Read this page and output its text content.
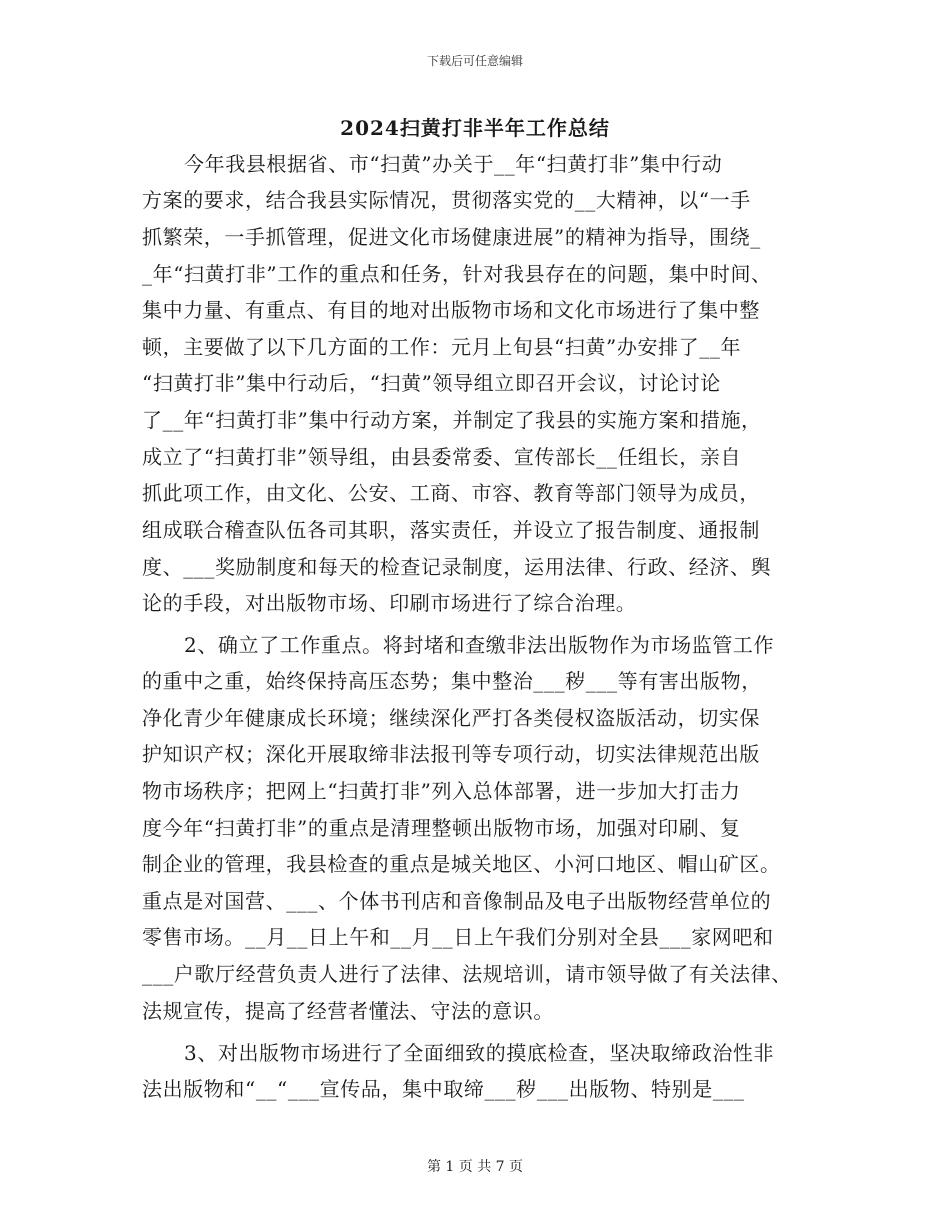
下载后可任意编辑
2024扫黄打非半年工作总结
今年我县根据省、市“扫黄”办关于__年“扫黄打非”集中行动
方案的要求，结合我县实际情况，贯彻落实党的__大精神，以“一手
抓繁荣，一手抓管理，促进文化市场健康进展”的精神为指导，围绕_
_年“扫黄打非”工作的重点和任务，针对我县存在的问题，集中时间、
集中力量、有重点、有目的地对出版物市场和文化市场进行了集中整
顿，主要做了以下几方面的工作：元月上旬县“扫黄”办安排了__年
“扫黄打非”集中行动后，“扫黄”领导组立即召开会议，讨论讨论
了__年“扫黄打非”集中行动方案，并制定了我县的实施方案和措施，
成立了“扫黄打非”领导组，由县委常委、宣传部长__任组长，亲自
抓此项工作，由文化、公安、工商、市容、教育等部门领导为成员，
组成联合稽查队伍各司其职，落实责任，并设立了报告制度、通报制
度、___奖励制度和每天的检查记录制度，运用法律、行政、经济、舆
论的手段，对出版物市场、印刷市场进行了综合治理。
2、确立了工作重点。将封堵和查缴非法出版物作为市场监管工作
的重中之重，始终保持高压态势；集中整治___秽___等有害出版物，
净化青少年健康成长环境；继续深化严打各类侵权盗版活动，切实保
护知识产权；深化开展取缔非法报刊等专项行动，切实法律规范出版
物市场秩序；把网上“扫黄打非”列入总体部署，进一步加大打击力
度今年“扫黄打非”的重点是清理整顿出版物市场，加强对印刷、复
制企业的管理，我县检查的重点是城关地区、小河口地区、帽山矿区。
重点是对国营、___、个体书刊店和音像制品及电子出版物经营单位的
零售市场。__月__日上午和__月__日上午我们分别对全县___家网吧和
___户歌厅经营负责人进行了法律、法规培训，请市领导做了有关法律、
法规宣传，提高了经营者懂法、守法的意识。
3、对出版物市场进行了全面细致的摸底检查，坚决取缔政治性非
法出版物和“__“___宣传品，集中取缔___秽___出版物、特别是___
第 1 页 共 7 页
